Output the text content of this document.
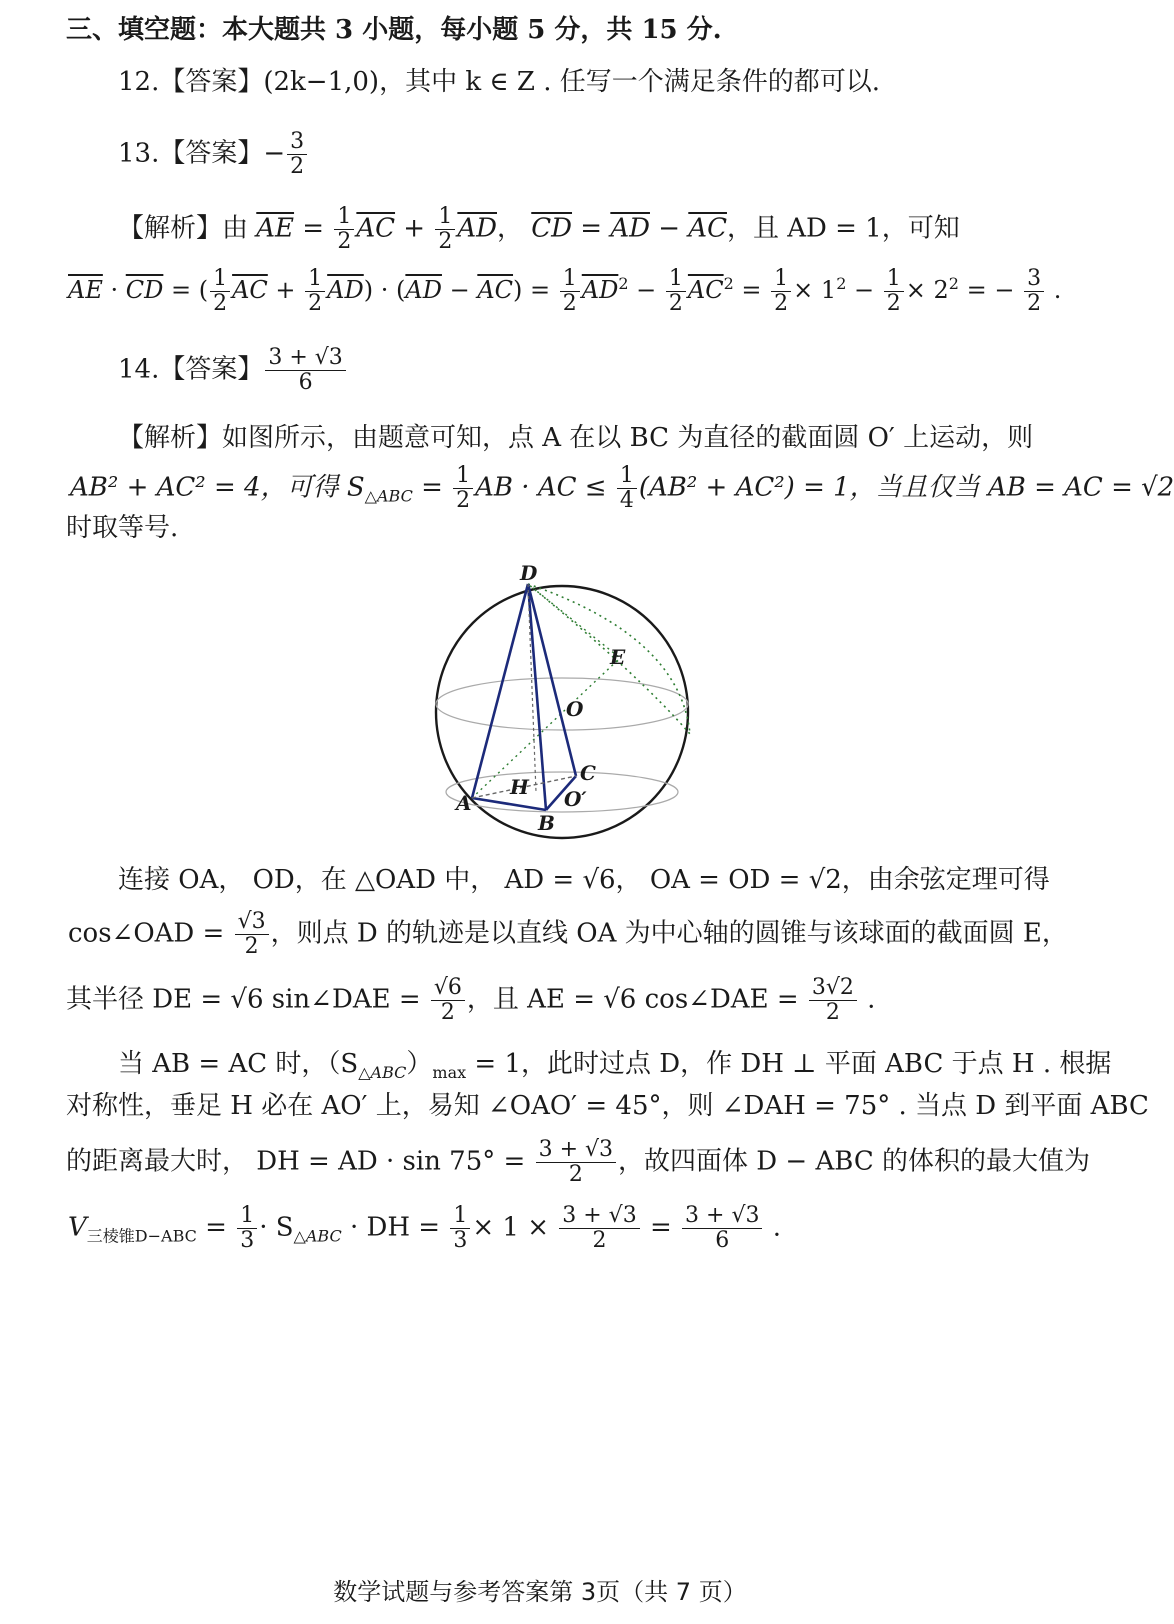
三、填空题：本大题共 3 小题，每小题 5 分，共 15 分.
12.【答案】(2k−1,0)，其中 k ∈ Z . 任写一个满足条件的都可以.
13.【答案】− $\frac{3}{2}$
【解析】由 $\overline{AE} = \frac{1}{2} \overline{AC} + \frac{1}{2} \overline{AD}$， $\overline{CD} = \overline{AD} - \overline{AC}$，且 AD = 1，可知
$\overline{AE} \cdot \overline{CD}$ = ( $\frac{1}{2} \overline{AC} + \frac{1}{2} \overline{AD}) \cdot (\overline{AD} - \overline{AC}) = \frac{1}{2} \overline{AD}^2 - \frac{1}{2} \overline{AC}^2 = \frac{1}{2} \times 1^2 - \frac{1}{2} \times 2^2$ = − $\frac{3}{2}$ .
14.【答案】 $\frac{3 + √3}{6}$
【解析】如图所示，由题意可知，点 A 在以 BC 为直径的截面圆 O′ 上运动，则
AB² + AC² = 4，可得 $S_{\triangle ABC} = \frac{1}{2}$ AB · AC ≤ $\frac{1}{4} (AB^2 + AC^2) = 1$，当且仅当 AB = AC = √2
时取等号.
D
E
O
C
H O′
A
B
连接 OA， OD，在 △OAD 中， AD = √6， OA = OD = √2，由余弦定理可得
cos∠OAD = $\frac{√3}{2}$ ，则点 D 的轨迹是以直线 OA 为中心轴的圆锥与该球面的截面圆 E，
其半径 DE = √6 sin∠DAE = $\frac{√6}{2}$ ，且 AE = √6 cos∠DAE = $\frac{3√2}{2}$ .
当 AB = AC 时，$(S_{\triangle ABC})_{max} = 1$，此时过点 D，作 DH ⊥ 平面 ABC 于点 H . 根据
对称性，垂足 H 必在 AO′ 上，易知 ∠OAO′ = 45°，则 ∠DAH = 75° . 当点 D 到平面 ABC
的距离最大时， DH = AD · $\sin 75^\circ = \frac{3 + √3}{2}$ ，故四面体 D − ABC 的体积的最大值为
$V_{三棱锥D-ABC} = \frac{1}{3} \cdot S_{\triangle ABC}$ · DH = $\frac{1}{3} \times 1 \times \frac{3 + √3}{2} = \frac{3 + √3}{6}$ .
数学试题与参考答案第 3页（共 7 页）
